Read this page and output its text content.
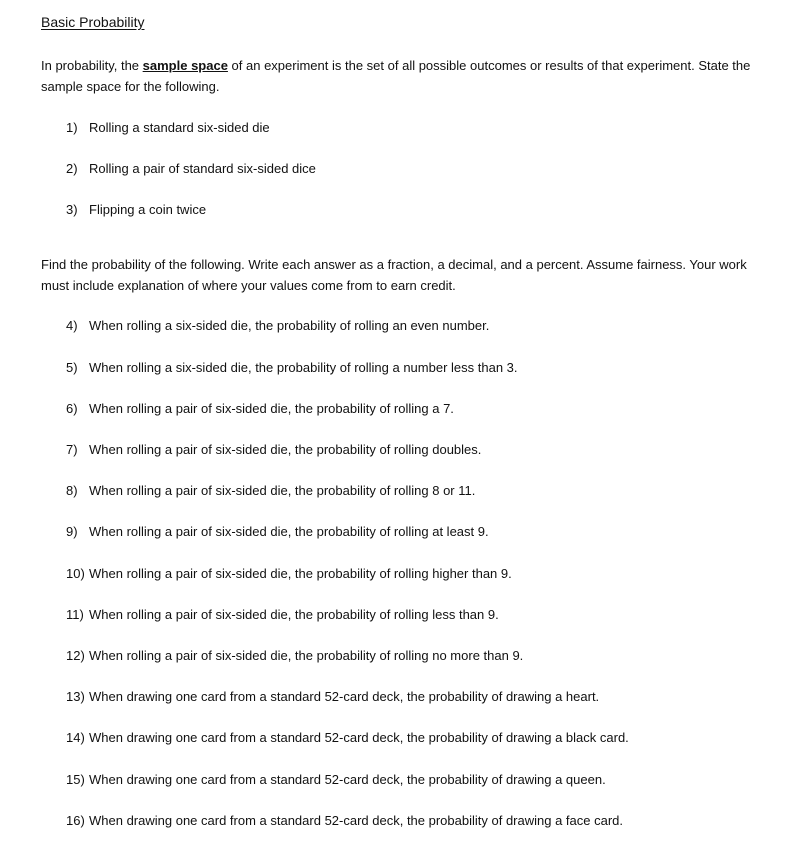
Basic Probability

In probability, the sample space of an experiment is the set of all possible outcomes or results of that experiment. State the sample space for the following.

1) Rolling a standard six-sided die

2) Rolling a pair of standard six-sided dice

3) Flipping a coin twice

Find the probability of the following. Write each answer as a fraction, a decimal, and a percent. Assume fairness. Your work must include explanation of where your values come from to earn credit.

4) When rolling a six-sided die, the probability of rolling an even number.

5) When rolling a six-sided die, the probability of rolling a number less than 3.

6) When rolling a pair of six-sided die, the probability of rolling a 7.

7) When rolling a pair of six-sided die, the probability of rolling doubles.

8) When rolling a pair of six-sided die, the probability of rolling 8 or 11.

9) When rolling a pair of six-sided die, the probability of rolling at least 9.

10) When rolling a pair of six-sided die, the probability of rolling higher than 9.

11) When rolling a pair of six-sided die, the probability of rolling less than 9.

12) When rolling a pair of six-sided die, the probability of rolling no more than 9.

13) When drawing one card from a standard 52-card deck, the probability of drawing a heart.

14) When drawing one card from a standard 52-card deck, the probability of drawing a black card.

15) When drawing one card from a standard 52-card deck, the probability of drawing a queen.

16) When drawing one card from a standard 52-card deck, the probability of drawing a face card.
